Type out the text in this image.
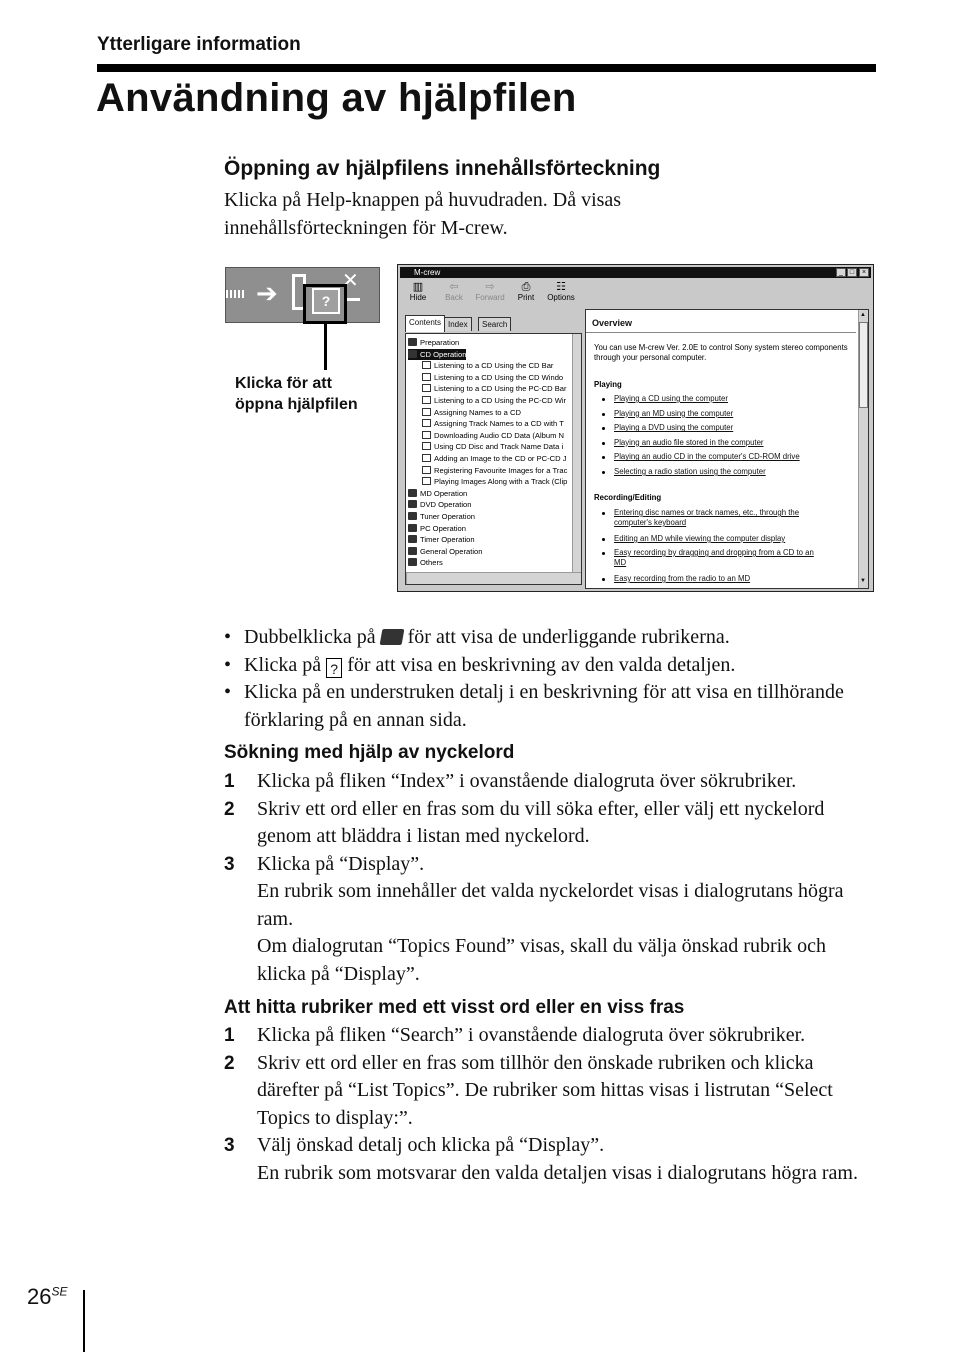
Ytterligare information
Användning av hjälpfilen
Öppning av hjälpfilens innehållsförteckning
Klicka på Help-knappen på huvudraden. Då visas innehållsförteckningen för M-crew.
➔	?
✕
Klicka för att
öppna hjälpfilen
M-crew	_ □	×
▥
Hide
⇦
Back
⇨
Forward
⎙
Print
☷
Options
Contents Index	Search
Preparation
CD Operation
Listening to a CD Using the CD Bar
Listening to a CD Using the CD Windo
Listening to a CD Using the PC-CD Bar
Listening to a CD Using the PC-CD Wir
Assigning Names to a CD
Assigning Track Names to a CD with T
Downloading Audio CD Data (Album N
Using CD Disc and Track Name Data i
Adding an Image to the CD or PC-CD J
Registering Favourite Images for a Trac
Playing Images Along with a Track (Clip
MD Operation
DVD Operation
Tuner Operation
PC Operation
Timer Operation
General Operation
Others
Overview
You can use M-crew Ver. 2.0E to control Sony system stereo components through your personal computer.
Playing
Playing a CD using the computer
Playing an MD using the computer
Playing a DVD using the computer
Playing an audio file stored in the computer
Playing an audio CD in the computer's CD-ROM drive
Selecting a radio station using the computer
Recording/Editing
Entering disc names or track names, etc., through the
computer's keyboard
Editing an MD while viewing the computer display
Easy recording by dragging and dropping from a CD to an
MD
Easy recording from the radio to an MD
▲
▼
• Dubbelklicka på för att visa de underliggande rubrikerna.
• Klicka på ? för att visa en beskrivning av den valda detaljen.
• Klicka på en understruken detalj i en beskrivning för att visa en tillhörande förklaring på en annan sida.
Sökning med hjälp av nyckelord
1	Klicka på fliken “Index” i ovanstående dialogruta över sökrubriker.
2	Skriv ett ord eller en fras som du vill söka efter, eller välj ett nyckelord genom att bläddra i listan med nyckelord.
3	Klicka på “Display”.
En rubrik som innehåller det valda nyckelordet visas i dialogrutans högra ram.
Om dialogrutan “Topics Found” visas, skall du välja önskad rubrik och klicka på “Display”.
Att hitta rubriker med ett visst ord eller en viss fras
1	Klicka på fliken “Search” i ovanstående dialogruta över sökrubriker.
2	Skriv ett ord eller en fras som tillhör den önskade rubriken och klicka därefter på “List Topics”. De rubriker som hittas visas i listrutan “Select Topics to display:”.
3	Välj önskad detalj och klicka på “Display”.
En rubrik som motsvarar den valda detaljen visas i dialogrutans högra ram.
$26^{SE}$
